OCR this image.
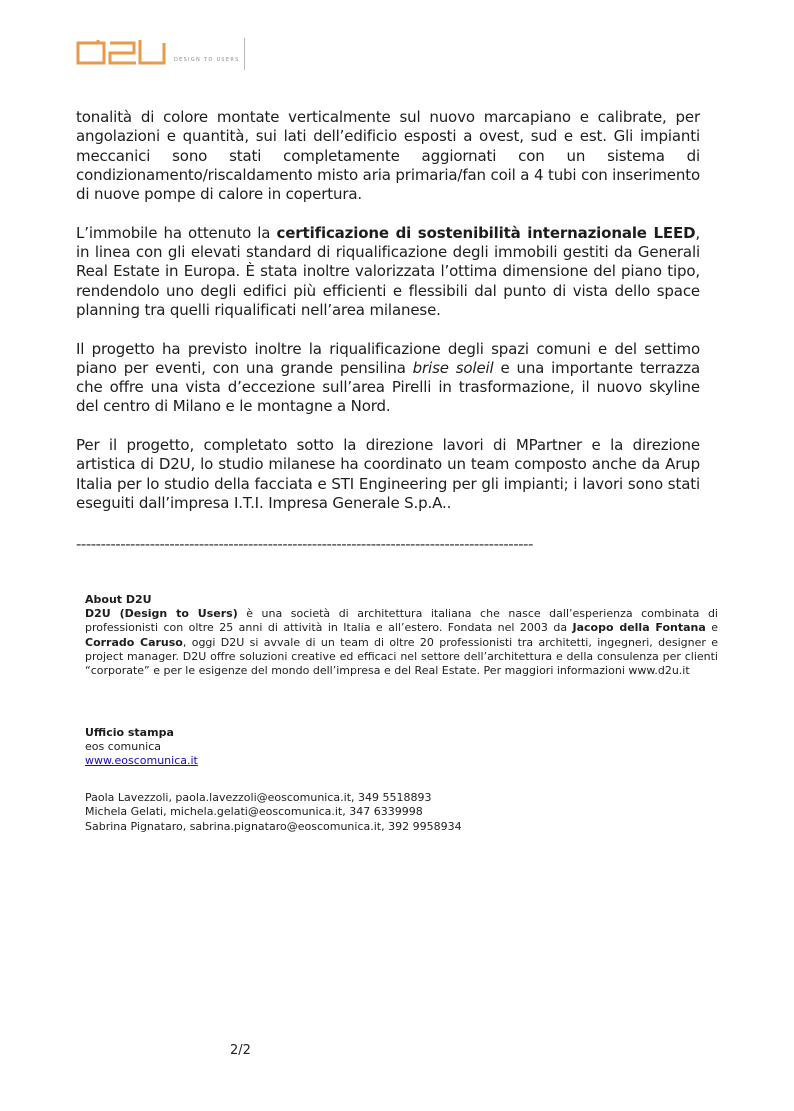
DESIGN TO USERS

tonalità di colore montate verticalmente sul nuovo marcapiano e calibrate, per angolazioni e quantità, sui lati dell’edificio esposti a ovest, sud e est. Gli impianti meccanici sono stati completamente aggiornati con un sistema di condizionamento/riscaldamento misto aria primaria/fan coil a 4 tubi con inserimento di nuove pompe di calore in copertura.

L’immobile ha ottenuto la certificazione di sostenibilità internazionale LEED, in linea con gli elevati standard di riqualificazione degli immobili gestiti da Generali Real Estate in Europa. È stata inoltre valorizzata l’ottima dimensione del piano tipo, rendendolo uno degli edifici più efficienti e flessibili dal punto di vista dello space planning tra quelli riqualificati nell’area milanese.

Il progetto ha previsto inoltre la riqualificazione degli spazi comuni e del settimo piano per eventi, con una grande pensilina brise soleil e una importante terrazza che offre una vista d’eccezione sull’area Pirelli in trasformazione, il nuovo skyline del centro di Milano e le montagne a Nord.

Per il progetto, completato sotto la direzione lavori di MPartner e la direzione artistica di D2U, lo studio milanese ha coordinato un team composto anche da Arup Italia per lo studio della facciata e STI Engineering per gli impianti; i lavori sono stati eseguiti dall’impresa I.T.I. Impresa Generale S.p.A..

---------------------------------------------------------------------------------------------
About D2U
D2U (Design to Users) è una società di architettura italiana che nasce dall’esperienza combinata di professionisti con oltre 25 anni di attività in Italia e all’estero. Fondata nel 2003 da Jacopo della Fontana e Corrado Caruso, oggi D2U si avvale di un team di oltre 20 professionisti tra architetti, ingegneri, designer e project manager. D2U offre soluzioni creative ed efficaci nel settore dell’architettura e della consulenza per clienti “corporate” e per le esigenze del mondo dell’impresa e del Real Estate. Per maggiori informazioni www.d2u.it
Ufficio stampa
eos comunica
www.eoscomunica.it
Paola Lavezzoli, paola.lavezzoli@eoscomunica.it, 349 5518893
Michela Gelati, michela.gelati@eoscomunica.it, 347 6339998
Sabrina Pignataro, sabrina.pignataro@eoscomunica.it, 392 9958934
2/2
